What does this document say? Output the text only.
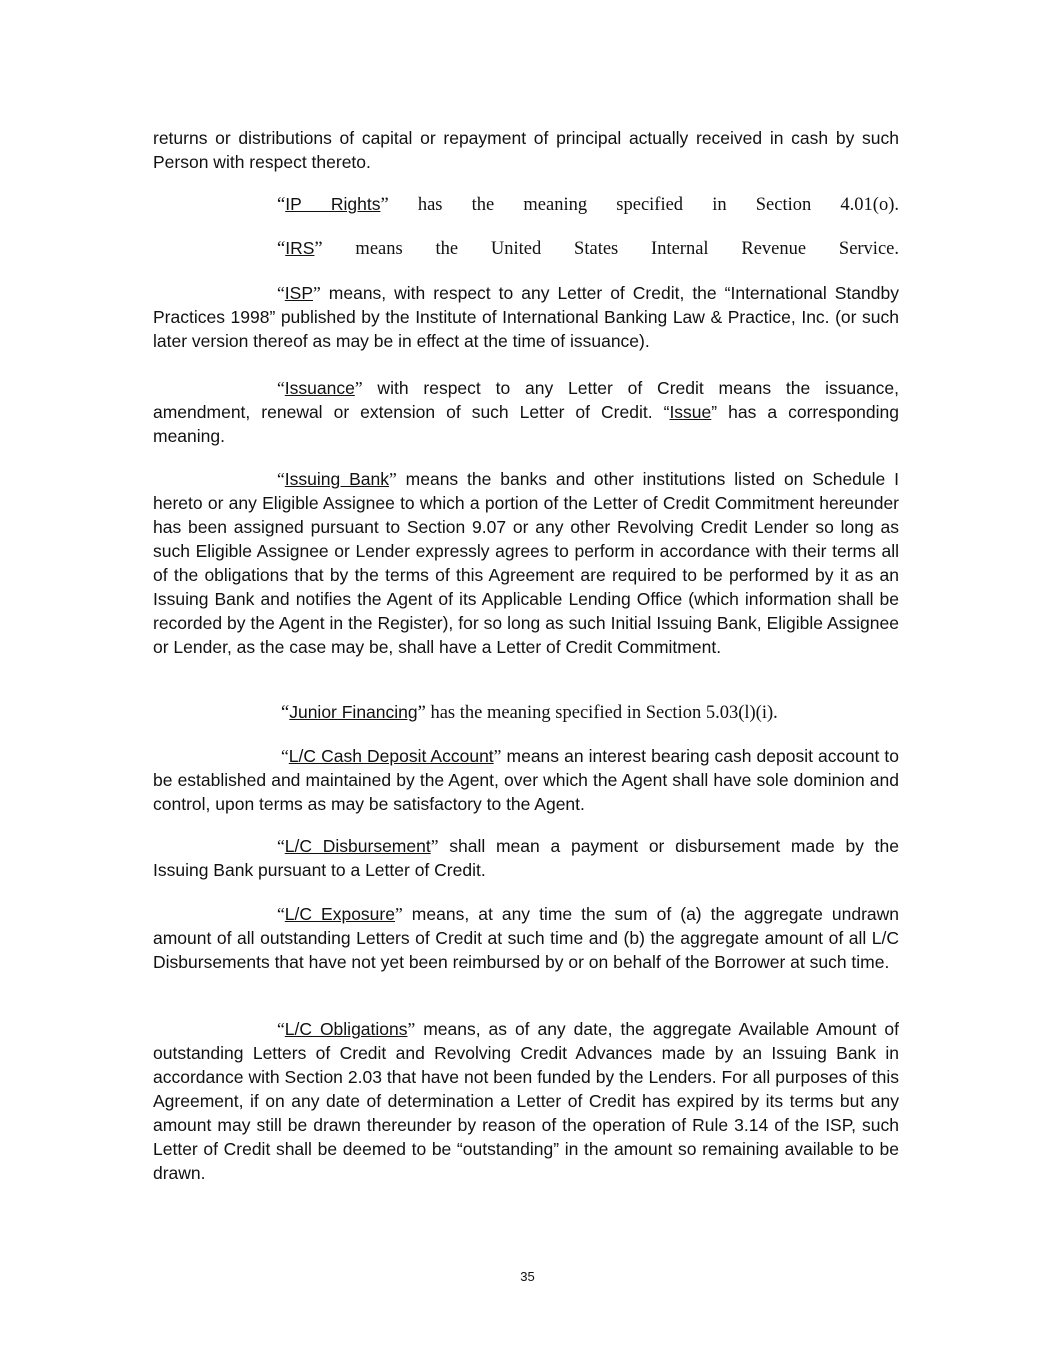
returns or distributions of capital or repayment of principal actually received in cash by such Person with respect thereto.

“IP Rights” has the meaning specified in Section 4.01(o).

“IRS” means the United States Internal Revenue Service.

“ISP” means, with respect to any Letter of Credit, the “International Standby Practices 1998” published by the Institute of International Banking Law & Practice, Inc. (or such later version thereof as may be in effect at the time of issuance).

“Issuance” with respect to any Letter of Credit means the issuance, amendment, renewal or extension of such Letter of Credit. “Issue” has a corresponding meaning.

“Issuing Bank” means the banks and other institutions listed on Schedule I hereto or any Eligible Assignee to which a portion of the Letter of Credit Commitment hereunder has been assigned pursuant to Section 9.07 or any other Revolving Credit Lender so long as such Eligible Assignee or Lender expressly agrees to perform in accordance with their terms all of the obligations that by the terms of this Agreement are required to be performed by it as an Issuing Bank and notifies the Agent of its Applicable Lending Office (which information shall be recorded by the Agent in the Register), for so long as such Initial Issuing Bank, Eligible Assignee or Lender, as the case may be, shall have a Letter of Credit Commitment.

“Junior Financing” has the meaning specified in Section 5.03(l)(i).

“L/C Cash Deposit Account” means an interest bearing cash deposit account to be established and maintained by the Agent, over which the Agent shall have sole dominion and control, upon terms as may be satisfactory to the Agent.

“L/C Disbursement” shall mean a payment or disbursement made by the Issuing Bank pursuant to a Letter of Credit.

“L/C Exposure” means, at any time the sum of (a) the aggregate undrawn amount of all outstanding Letters of Credit at such time and (b) the aggregate amount of all L/C Disbursements that have not yet been reimbursed by or on behalf of the Borrower at such time.

“L/C Obligations” means, as of any date, the aggregate Available Amount of outstanding Letters of Credit and Revolving Credit Advances made by an Issuing Bank in accordance with Section 2.03 that have not been funded by the Lenders. For all purposes of this Agreement, if on any date of determination a Letter of Credit has expired by its terms but any amount may still be drawn thereunder by reason of the operation of Rule 3.14 of the ISP, such Letter of Credit shall be deemed to be “outstanding” in the amount so remaining available to be drawn.

35
